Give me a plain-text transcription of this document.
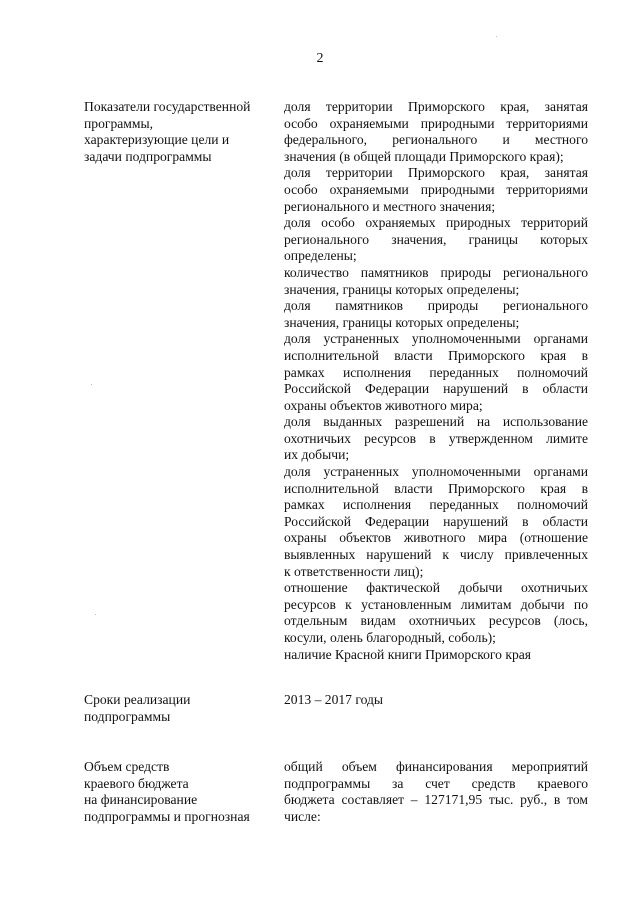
2
Показатели государственной
программы,
характеризующие цели и
задачи подпрограммы
доля территории Приморского края, занятая
особо охраняемыми природными территориями
федерального, регионального и местного
значения (в общей площади Приморского края);
доля территории Приморского края, занятая
особо охраняемыми природными территориями
регионального и местного значения;
доля особо охраняемых природных территорий
регионального значения, границы которых
определены;
количество памятников природы регионального
значения, границы которых определены;
доля памятников природы регионального
значения, границы которых определены;
доля устраненных уполномоченными органами
исполнительной власти Приморского края в
рамках исполнения переданных полномочий
Российской Федерации нарушений в области
охраны объектов животного мира;
доля выданных разрешений на использование
охотничьих ресурсов в утвержденном лимите
их добычи;
доля устраненных уполномоченными органами
исполнительной власти Приморского края в
рамках исполнения переданных полномочий
Российской Федерации нарушений в области
охраны объектов животного мира (отношение
выявленных нарушений к числу привлеченных
к ответственности лиц);
отношение фактической добычи охотничьих
ресурсов к установленным лимитам добычи по
отдельным видам охотничьих ресурсов (лось,
косули, олень благородный, соболь);
наличие Красной книги Приморского края
Сроки реализации
подпрограммы
2013 – 2017 годы
Объем средств
краевого бюджета
на финансирование
подпрограммы и прогнозная
общий объем финансирования мероприятий
подпрограммы за счет средств краевого
бюджета составляет – 127171,95 тыс. руб., в том
числе:
